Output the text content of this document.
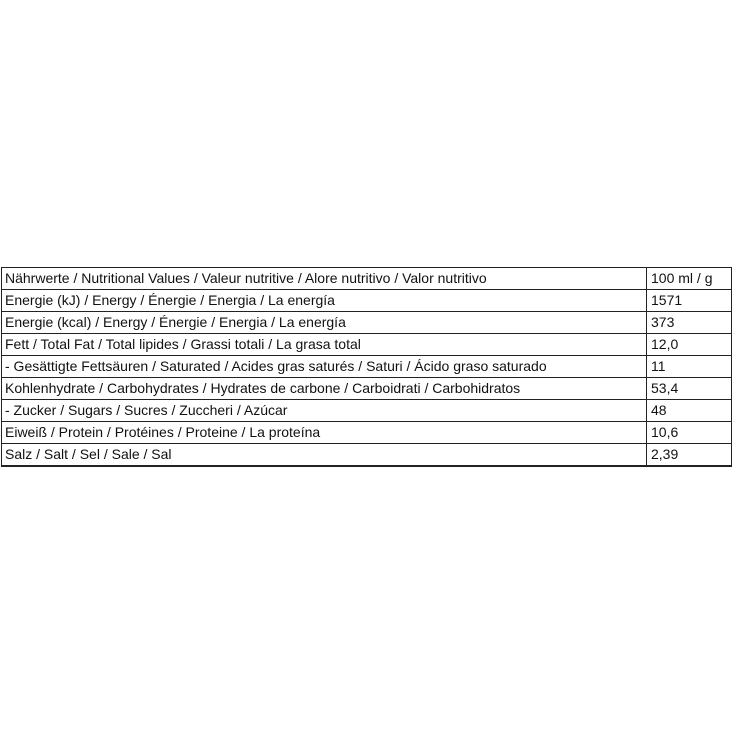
Nährwerte / Nutritional Values / Valeur nutritive / Alore nutritivo / Valor nutritivo	100 ml / g
Energie (kJ) / Energy / Énergie / Energia / La energía	1571
Energie (kcal) / Energy / Énergie / Energia / La energía	373
Fett / Total Fat / Total lipides / Grassi totali / La grasa total	12,0
- Gesättigte Fettsäuren / Saturated / Acides gras saturés / Saturi / Ácido graso saturado	11
Kohlenhydrate / Carbohydrates / Hydrates de carbone / Carboidrati / Carbohidratos	53,4
- Zucker / Sugars / Sucres / Zuccheri / Azúcar	48
Eiweiß / Protein / Protéines / Proteine / La proteína	10,6
Salz / Salt / Sel / Sale / Sal	2,39
